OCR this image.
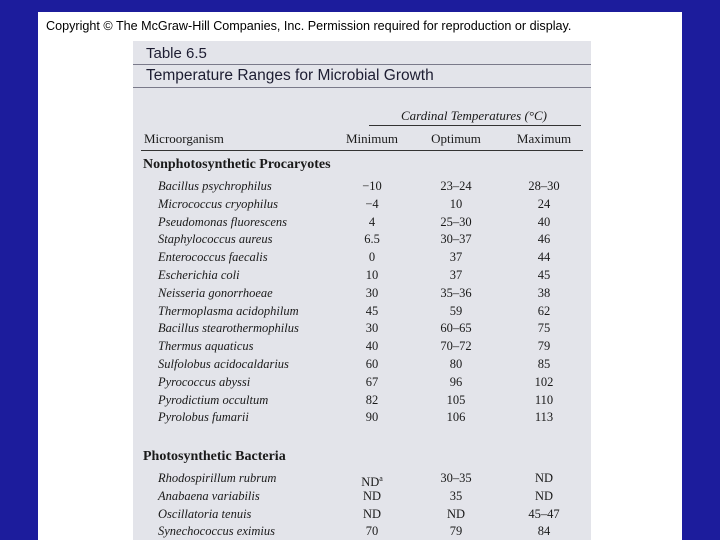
Copyright © The McGraw-Hill Companies, Inc. Permission required for reproduction or display.
Table 6.5
Temperature Ranges for Microbial Growth
Cardinal Temperatures (°C)
Microorganism	Minimum	Optimum	Maximum
Nonphotosynthetic Procaryotes
Bacillus psychrophilus	−10	23–24	28–30
Micrococcus cryophilus	−4	10	24
Pseudomonas fluorescens	4	25–30	40
Staphylococcus aureus	6.5	30–37	46
Enterococcus faecalis	0	37	44
Escherichia coli	10	37	45
Neisseria gonorrhoeae	30	35–36	38
Thermoplasma acidophilum	45	59	62
Bacillus stearothermophilus	30	60–65	75
Thermus aquaticus	40	70–72	79
Sulfolobus acidocaldarius	60	80	85
Pyrococcus abyssi	67	96	102
Pyrodictium occultum	82	105	110
Pyrolobus fumarii	90	106	113
Photosynthetic Bacteria
Rhodospirillum rubrum	$ND^a$	30–35	ND
Anabaena variabilis	ND	35	ND
Oscillatoria tenuis	ND	ND	45–47
Synechococcus eximius	70	79	84
